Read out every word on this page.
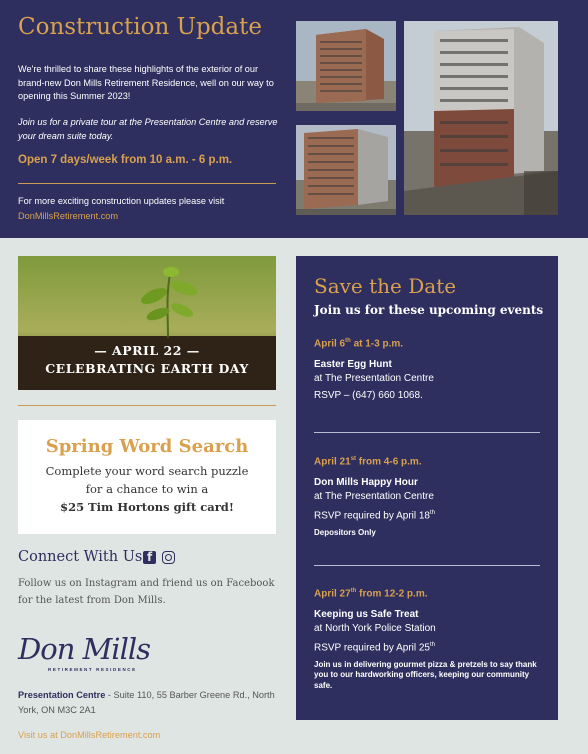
Construction Update
We're thrilled to share these highlights of the exterior of our brand-new Don Mills Retirement Residence, well on our way to opening this Summer 2023!
Join us for a private tour at the Presentation Centre and reserve your dream suite today.
Open 7 days/week from 10 a.m. - 6 p.m.
For more exciting construction updates please visit
DonMillsRetirement.com
— APRIL 22 —
CELEBRATING EARTH DAY
Spring Word Search
Complete your word search puzzle
for a chance to win a
$25 Tim Hortons gift card!
Connect With Us f
Follow us on Instagram and friend us on Facebook for the latest from Don Mills.
Don Mills
RETIREMENT RESIDENCE
Presentation Centre - Suite 110, 55 Barber Greene Rd., North York, ON M3C 2A1
Visit us at DonMillsRetirement.com
Save the Date
Join us for these upcoming events
April 6th at 1-3 p.m.
Easter Egg Hunt
at The Presentation Centre
RSVP – (647) 660 1068.
April 21st from 4-6 p.m.
Don Mills Happy Hour
at The Presentation Centre
RSVP required by April 18th
Depositors Only
April 27th from 12-2 p.m.
Keeping us Safe Treat
at North York Police Station
RSVP required by April 25th
Join us in delivering gourmet pizza & pretzels to say thank you to our hardworking officers, keeping our community safe.
